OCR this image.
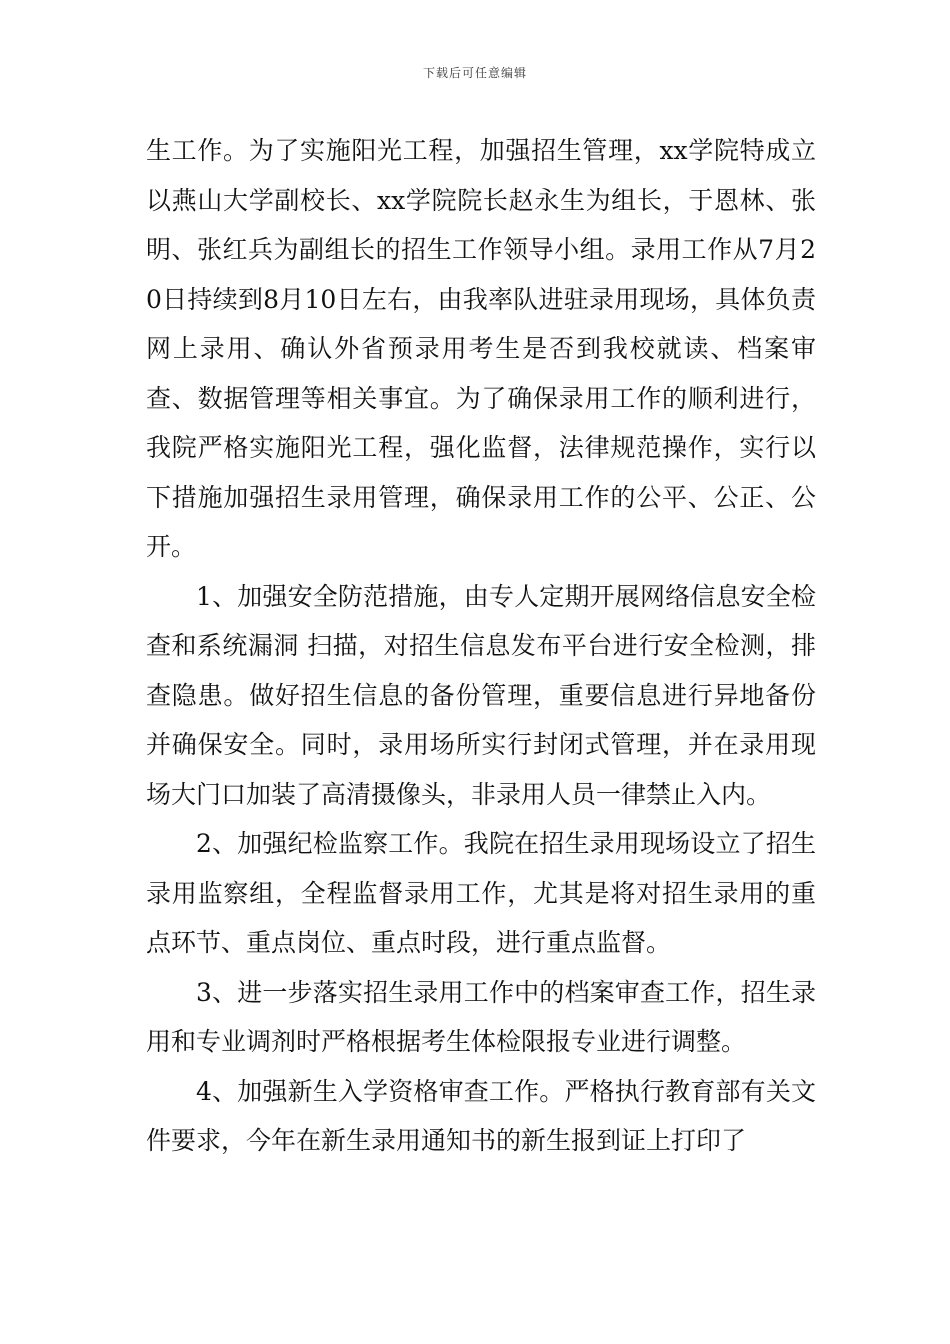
下载后可任意编辑

生工作。为了实施阳光工程，加强招生管理，xx学院特成立以燕山大学副校长、xx学院院长赵永生为组长，于恩林、张明、张红兵为副组长的招生工作领导小组。录用工作从7月20日持续到8月10日左右，由我率队进驻录用现场，具体负责网上录用、确认外省预录用考生是否到我校就读、档案审查、数据管理等相关事宜。为了确保录用工作的顺利进行，我院严格实施阳光工程，强化监督，法律规范操作，实行以下措施加强招生录用管理，确保录用工作的公平、公正、公开。

1、加强安全防范措施，由专人定期开展网络信息安全检查和系统漏洞 扫描，对招生信息发布平台进行安全检测，排查隐患。做好招生信息的备份管理，重要信息进行异地备份并确保安全。同时，录用场所实行封闭式管理，并在录用现场大门口加装了高清摄像头，非录用人员一律禁止入内。

2、加强纪检监察工作。我院在招生录用现场设立了招生录用监察组，全程监督录用工作，尤其是将对招生录用的重点环节、重点岗位、重点时段，进行重点监督。

3、进一步落实招生录用工作中的档案审查工作，招生录用和专业调剂时严格根据考生体检限报专业进行调整。

4、加强新生入学资格审查工作。严格执行教育部有关文件要求，今年在新生录用通知书的新生报到证上打印了
